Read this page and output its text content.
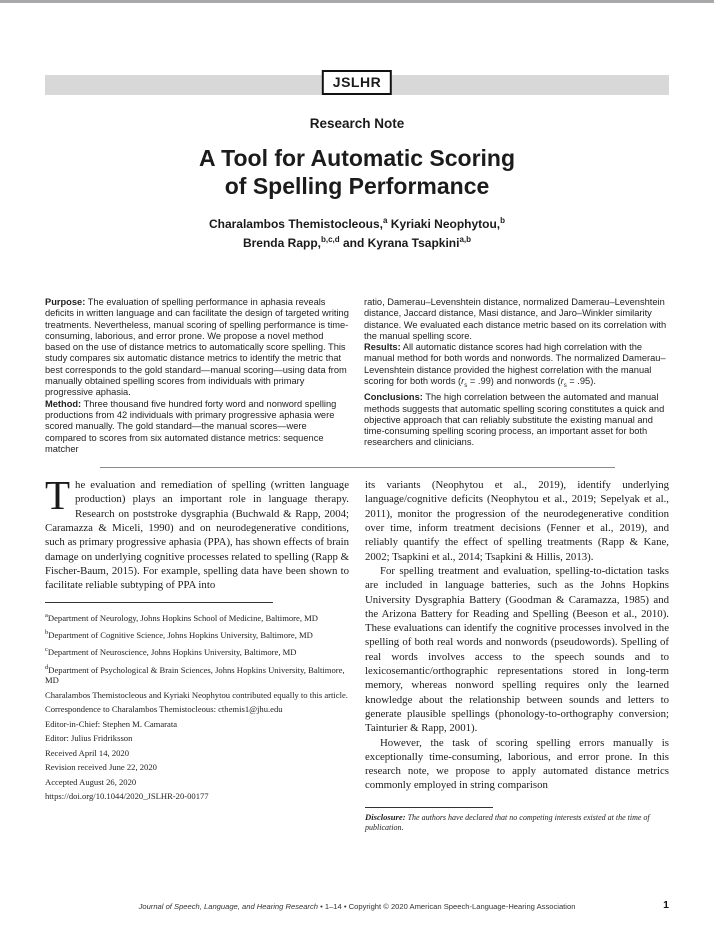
JSLHR
Research Note
A Tool for Automatic Scoring
of Spelling Performance
Charalambos Themistocleous,$^a$ Kyriaki Neophytou,$^b$
Brenda Rapp,$^{b,c,d}$ and Kyrana Tsapkini$^{a,b}$
Purpose: The evaluation of spelling performance in aphasia reveals deficits in written language and can facilitate the design of targeted writing treatments. Nevertheless, manual scoring of spelling performance is time-consuming, laborious, and error prone. We propose a novel method based on the use of distance metrics to automatically score spelling. This study compares six automatic distance metrics to identify the metric that best corresponds to the gold standard—manual scoring—using data from manually obtained spelling scores from individuals with primary progressive aphasia.
Method: Three thousand five hundred forty word and nonword spelling productions from 42 individuals with primary progressive aphasia were scored manually. The gold standard—the manual scores—were compared to scores from six automated distance metrics: sequence matcher
ratio, Damerau–Levenshtein distance, normalized Damerau–Levenshtein distance, Jaccard distance, Masi distance, and Jaro–Winkler similarity distance. We evaluated each distance metric based on its correlation with the manual spelling score.
Results: All automatic distance scores had high correlation with the manual method for both words and nonwords. The normalized Damerau–Levenshtein distance provided the highest correlation with the manual scoring for both words $(r_s = .99)$ and nonwords $(r_s = .95)$.
Conclusions: The high correlation between the automated and manual methods suggests that automatic spelling scoring constitutes a quick and objective approach that can reliably substitute the existing manual and time-consuming spelling scoring process, an important asset for both researchers and clinicians.

The evaluation and remediation of spelling (written language production) plays an important role in language therapy. Research on poststroke dysgraphia (Buchwald & Rapp, 2004; Caramazza & Miceli, 1990) and on neurodegenerative conditions, such as primary progressive aphasia (PPA), has shown effects of brain damage on underlying cognitive processes related to spelling (Rapp & Fischer-Baum, 2015). For example, spelling data have been shown to facilitate reliable subtyping of PPA into

$^a$Department of Neurology, Johns Hopkins School of Medicine, Baltimore, MD
$^b$Department of Cognitive Science, Johns Hopkins University, Baltimore, MD
$^c$Department of Neuroscience, Johns Hopkins University, Baltimore, MD
$^d$Department of Psychological & Brain Sciences, Johns Hopkins University, Baltimore, MD
Charalambos Themistocleous and Kyriaki Neophytou contributed equally to this article.
Correspondence to Charalambos Themistocleous: cthemis1@jhu.edu
Editor-in-Chief: Stephen M. Camarata
Editor: Julius Fridriksson
Received April 14, 2020
Revision received June 22, 2020
Accepted August 26, 2020
https://doi.org/10.1044/2020_JSLHR-20-00177

its variants (Neophytou et al., 2019), identify underlying language/cognitive deficits (Neophytou et al., 2019; Sepelyak et al., 2011), monitor the progression of the neurodegenerative condition over time, inform treatment decisions (Fenner et al., 2019), and reliably quantify the effect of spelling treatments (Rapp & Kane, 2002; Tsapkini et al., 2014; Tsapkini & Hillis, 2013).

For spelling treatment and evaluation, spelling-to-dictation tasks are included in language batteries, such as the Johns Hopkins University Dysgraphia Battery (Goodman & Caramazza, 1985) and the Arizona Battery for Reading and Spelling (Beeson et al., 2010). These evaluations can identify the cognitive processes involved in the spelling of both real words and nonwords (pseudowords). Spelling of real words involves access to the speech sounds and to lexicosemantic/orthographic representations stored in long-term memory, whereas nonword spelling requires only the learned knowledge about the relationship between sounds and letters to generate plausible spellings (phonology-to-orthography conversion; Tainturier & Rapp, 2001).

However, the task of scoring spelling errors manually is exceptionally time-consuming, laborious, and error prone. In this research note, we propose to apply automated distance metrics commonly employed in string comparison

Disclosure: The authors have declared that no competing interests existed at the time of publication.
Journal of Speech, Language, and Hearing Research • 1–14 • Copyright © 2020 American Speech-Language-Hearing Association	1
